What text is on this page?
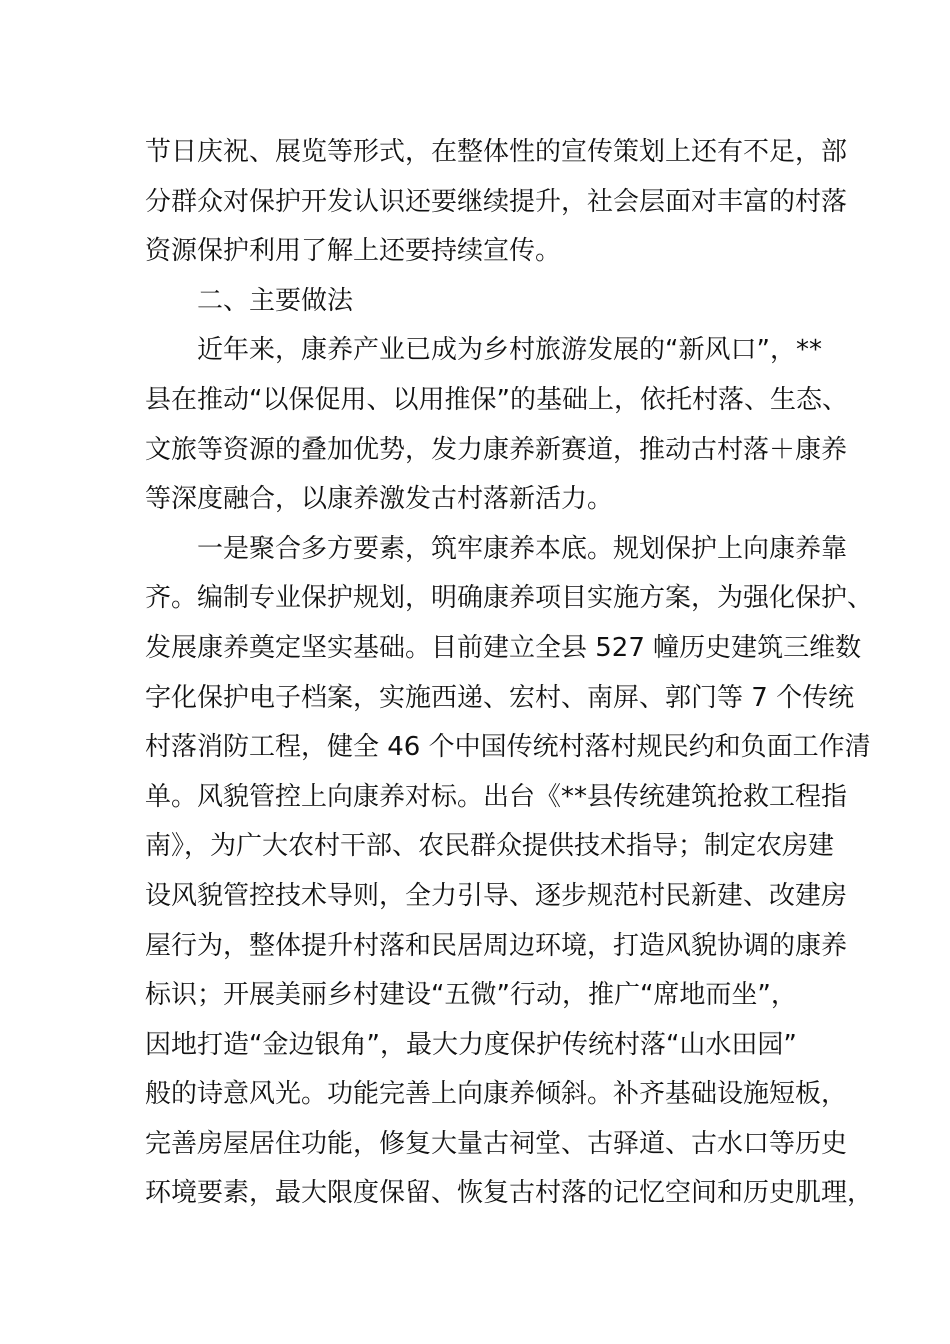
节日庆祝、展览等形式，在整体性的宣传策划上还有不足，部
分群众对保护开发认识还要继续提升，社会层面对丰富的村落
资源保护利用了解上还要持续宣传。
二、主要做法
近年来，康养产业已成为乡村旅游发展的“新风口”，**
县在推动“以保促用、以用推保”的基础上，依托村落、生态、
文旅等资源的叠加优势，发力康养新赛道，推动古村落＋康养
等深度融合，以康养激发古村落新活力。
一是聚合多方要素，筑牢康养本底。规划保护上向康养靠
齐。编制专业保护规划，明确康养项目实施方案，为强化保护、
发展康养奠定坚实基础。目前建立全县 527 幢历史建筑三维数
字化保护电子档案，实施西递、宏村、南屏、郭门等 7 个传统
村落消防工程，健全 46 个中国传统村落村规民约和负面工作清
单。风貌管控上向康养对标。出台《**县传统建筑抢救工程指
南》，为广大农村干部、农民群众提供技术指导；制定农房建
设风貌管控技术导则，全力引导、逐步规范村民新建、改建房
屋行为，整体提升村落和民居周边环境，打造风貌协调的康养
标识；开展美丽乡村建设“五微”行动，推广“席地而坐”，
因地打造“金边银角”，最大力度保护传统村落“山水田园”
般的诗意风光。功能完善上向康养倾斜。补齐基础设施短板，
完善房屋居住功能，修复大量古祠堂、古驿道、古水口等历史
环境要素，最大限度保留、恢复古村落的记忆空间和历史肌理，
